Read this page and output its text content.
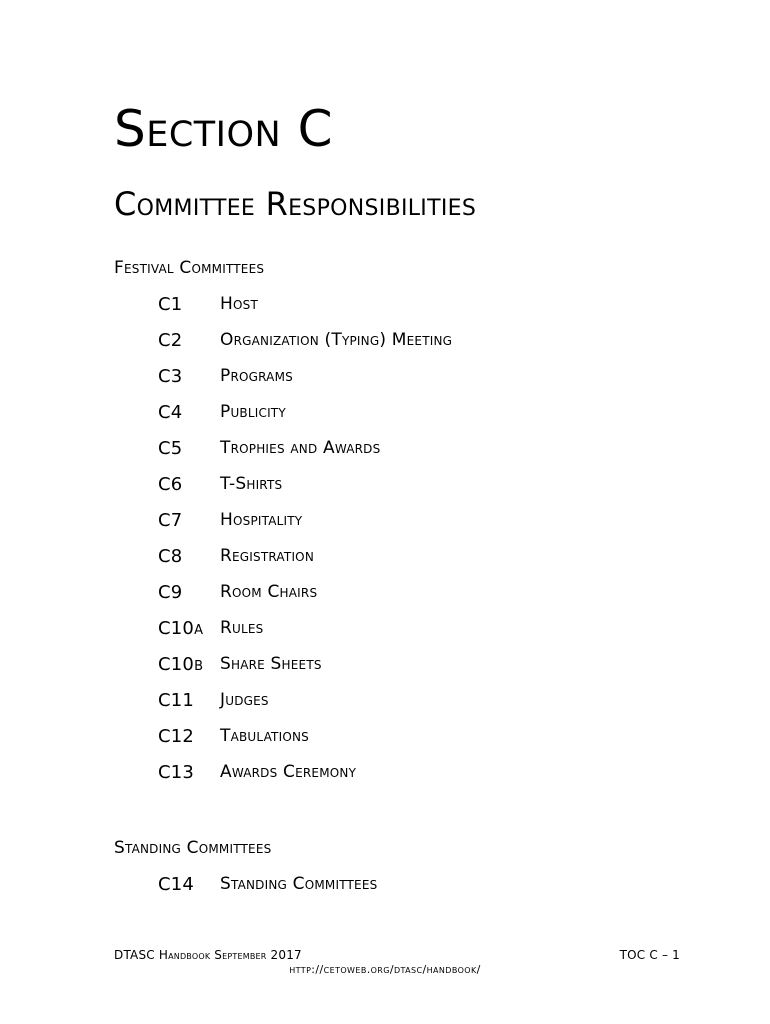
Section C
Committee Responsibilities
Festival Committees
C1	Host
C2	Organization (Typing) Meeting
C3	Programs
C4	Publicity
C5	Trophies and Awards
C6	T-Shirts
C7	Hospitality
C8	Registration
C9	Room Chairs
C10a Rules
C10b Share Sheets
C11	Judges
C12	Tabulations
C13	Awards Ceremony
Standing Committees
C14	Standing Committees
DTASC Handbook September 2017	TOC C – 1
http://cetoweb.org/dtasc/handbook/
